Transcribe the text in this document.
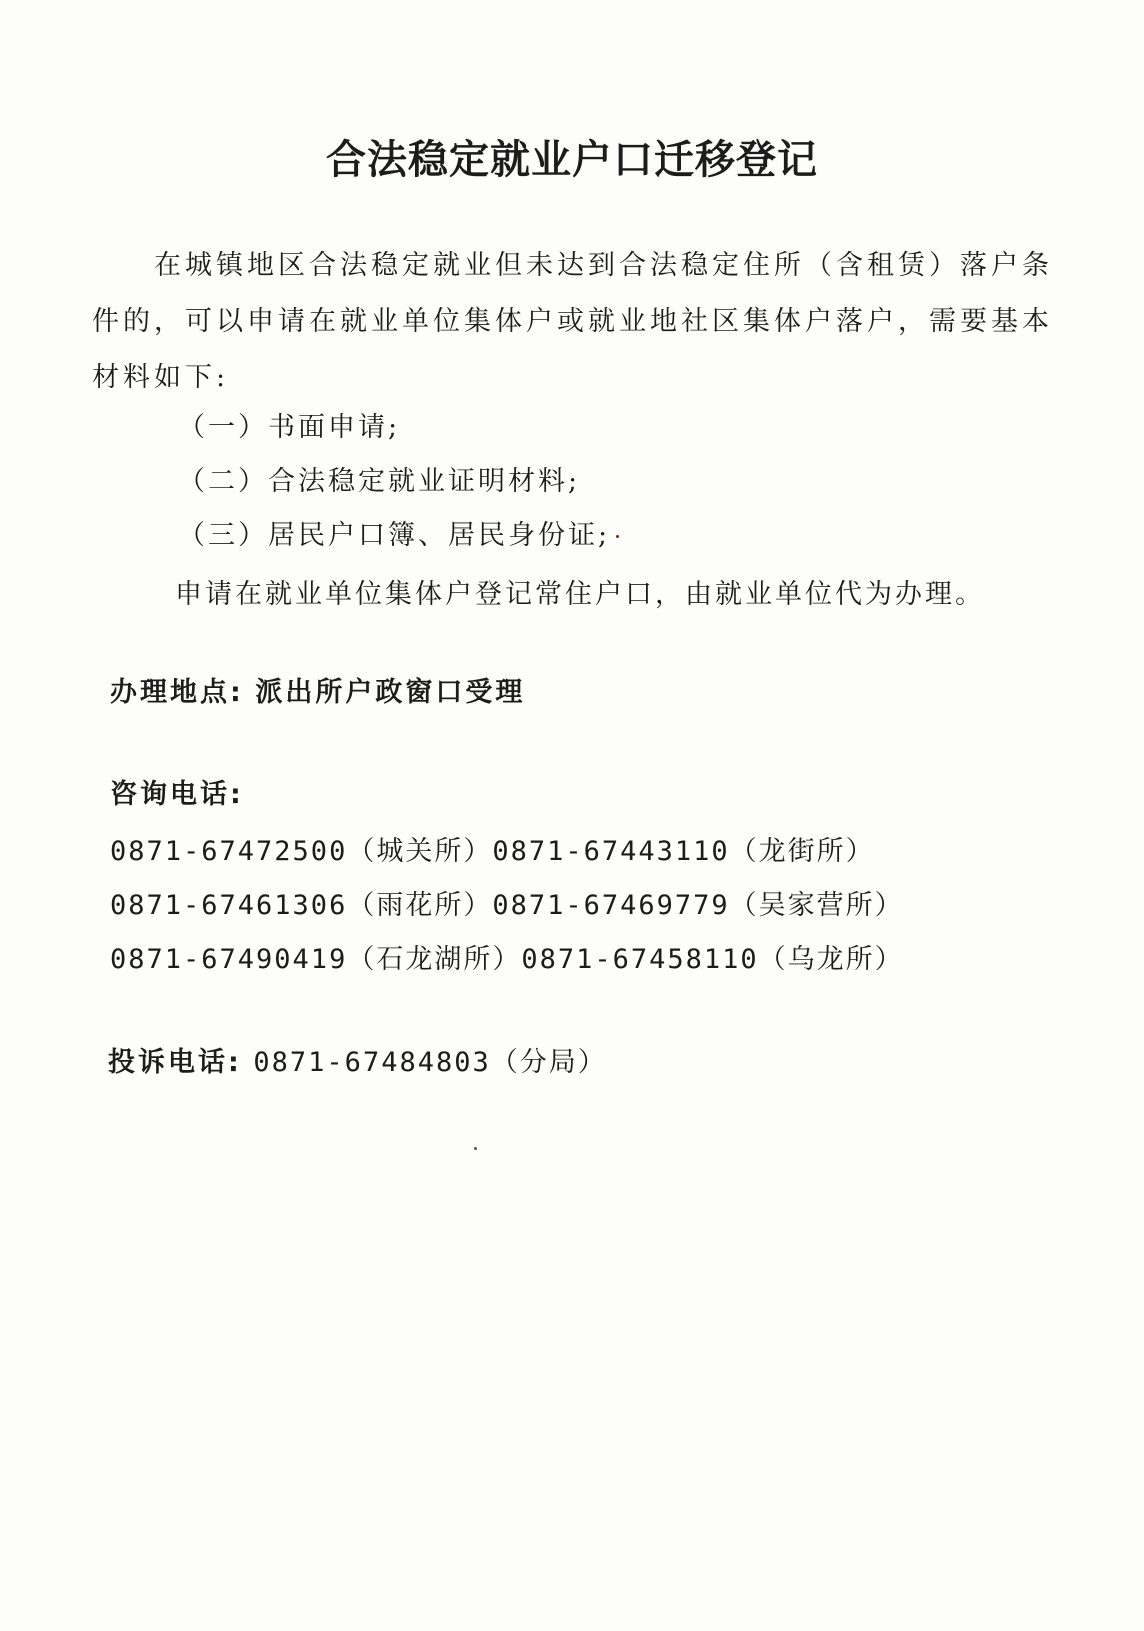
合法稳定就业户口迁移登记
在城镇地区合法稳定就业但未达到合法稳定住所（含租赁）落户条件的，可以申请在就业单位集体户或就业地社区集体户落户，需要基本材料如下:
（一）书面申请;
（二）合法稳定就业证明材料;
（三）居民户口簿、居民身份证;
申请在就业单位集体户登记常住户口，由就业单位代为办理。
办理地点: 派出所户政窗口受理
咨询电话:
0871-67472500（城关所）0871-67443110（龙街所）
0871-67461306（雨花所）0871-67469779（吴家营所）
0871-67490419（石龙湖所）0871-67458110（乌龙所）
投诉电话: 0871-67484803（分局）
